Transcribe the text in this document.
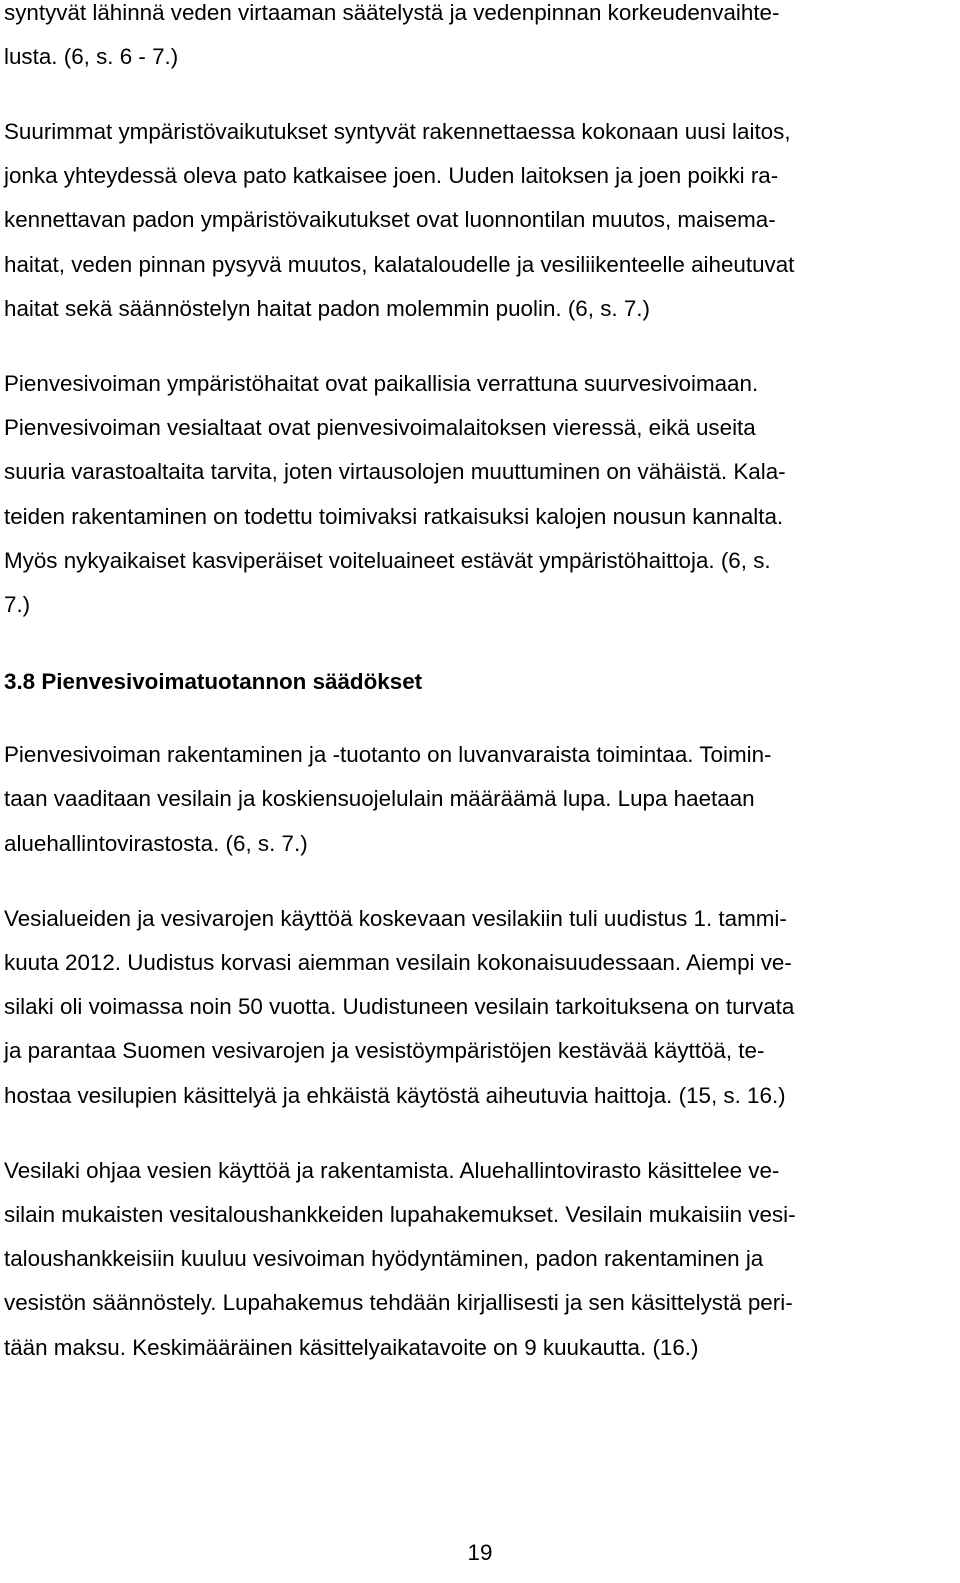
syntyvät lähinnä veden virtaaman säätelystä ja vedenpinnan korkeudenvaihte-
lusta. (6, s. 6 - 7.)
Suurimmat ympäristövaikutukset syntyvät rakennettaessa kokonaan uusi laitos,
jonka yhteydessä oleva pato katkaisee joen. Uuden laitoksen ja joen poikki ra-
kennettavan padon ympäristövaikutukset ovat luonnontilan muutos, maisema-
haitat, veden pinnan pysyvä muutos, kalataloudelle ja vesiliikenteelle aiheutuvat
haitat sekä säännöstelyn haitat padon molemmin puolin. (6, s. 7.)
Pienvesivoiman ympäristöhaitat ovat paikallisia verrattuna suurvesivoimaan.
Pienvesivoiman vesialtaat ovat pienvesivoimalaitoksen vieressä, eikä useita
suuria varastoaltaita tarvita, joten virtausolojen muuttuminen on vähäistä. Kala-
teiden rakentaminen on todettu toimivaksi ratkaisuksi kalojen nousun kannalta.
Myös nykyaikaiset kasviperäiset voiteluaineet estävät ympäristöhaittoja. (6, s.
7.)
3.8 Pienvesivoimatuotannon säädökset
Pienvesivoiman rakentaminen ja -tuotanto on luvanvaraista toimintaa. Toimin-
taan vaaditaan vesilain ja koskiensuojelulain määräämä lupa. Lupa haetaan
aluehallintovirastosta. (6, s. 7.)
Vesialueiden ja vesivarojen käyttöä koskevaan vesilakiin tuli uudistus 1. tammi-
kuuta 2012. Uudistus korvasi aiemman vesilain kokonaisuudessaan. Aiempi ve-
silaki oli voimassa noin 50 vuotta. Uudistuneen vesilain tarkoituksena on turvata
ja parantaa Suomen vesivarojen ja vesistöympäristöjen kestävää käyttöä, te-
hostaa vesilupien käsittelyä ja ehkäistä käytöstä aiheutuvia haittoja. (15, s. 16.)
Vesilaki ohjaa vesien käyttöä ja rakentamista. Aluehallintovirasto käsittelee ve-
silain mukaisten vesitaloushankkeiden lupahakemukset. Vesilain mukaisiin vesi-
taloushankkeisiin kuuluu vesivoiman hyödyntäminen, padon rakentaminen ja
vesistön säännöstely. Lupahakemus tehdään kirjallisesti ja sen käsittelystä peri-
tään maksu. Keskimääräinen käsittelyaikatavoite on 9 kuukautta. (16.)
19
